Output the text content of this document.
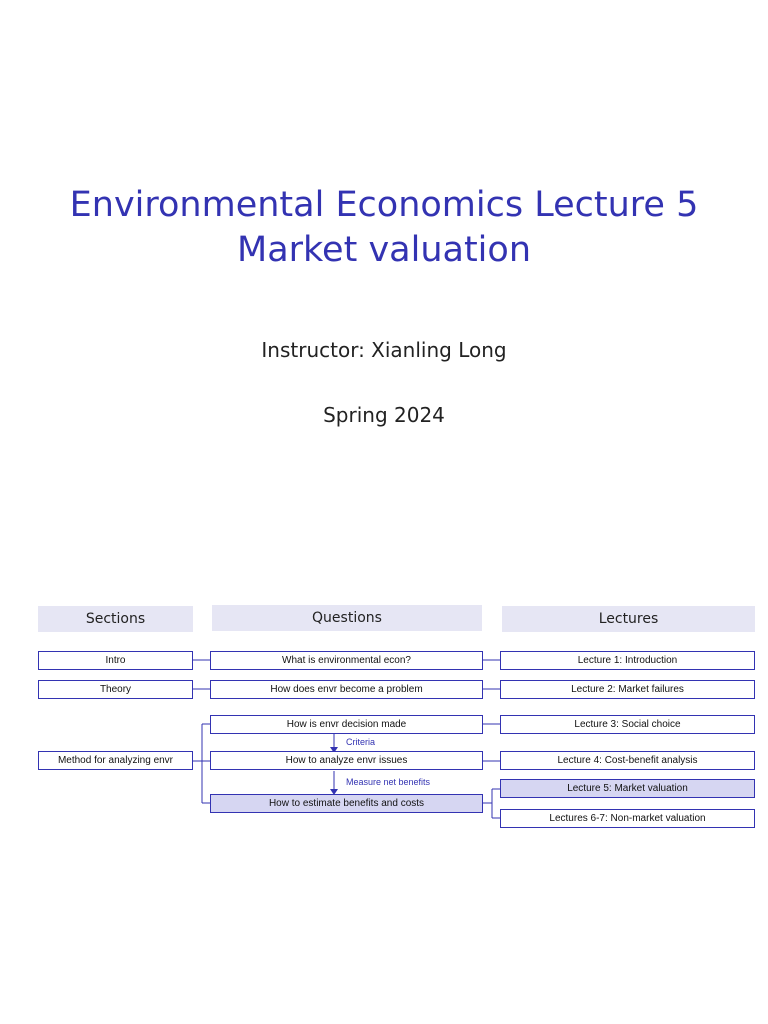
Environmental Economics Lecture 5
Market valuation
Instructor: Xianling Long
Spring 2024
Sections	Questions	Lectures
Intro
Theory
Method for analyzing envr
What is environmental econ?
How does envr become a problem
How is envr decision made
How to analyze envr issues
How to estimate benefits and costs
Criteria
Measure net benefits
Lecture 1: Introduction
Lecture 2: Market failures
Lecture 3: Social choice
Lecture 4: Cost-benefit analysis
Lecture 5: Market valuation
Lectures 6-7: Non-market valuation
